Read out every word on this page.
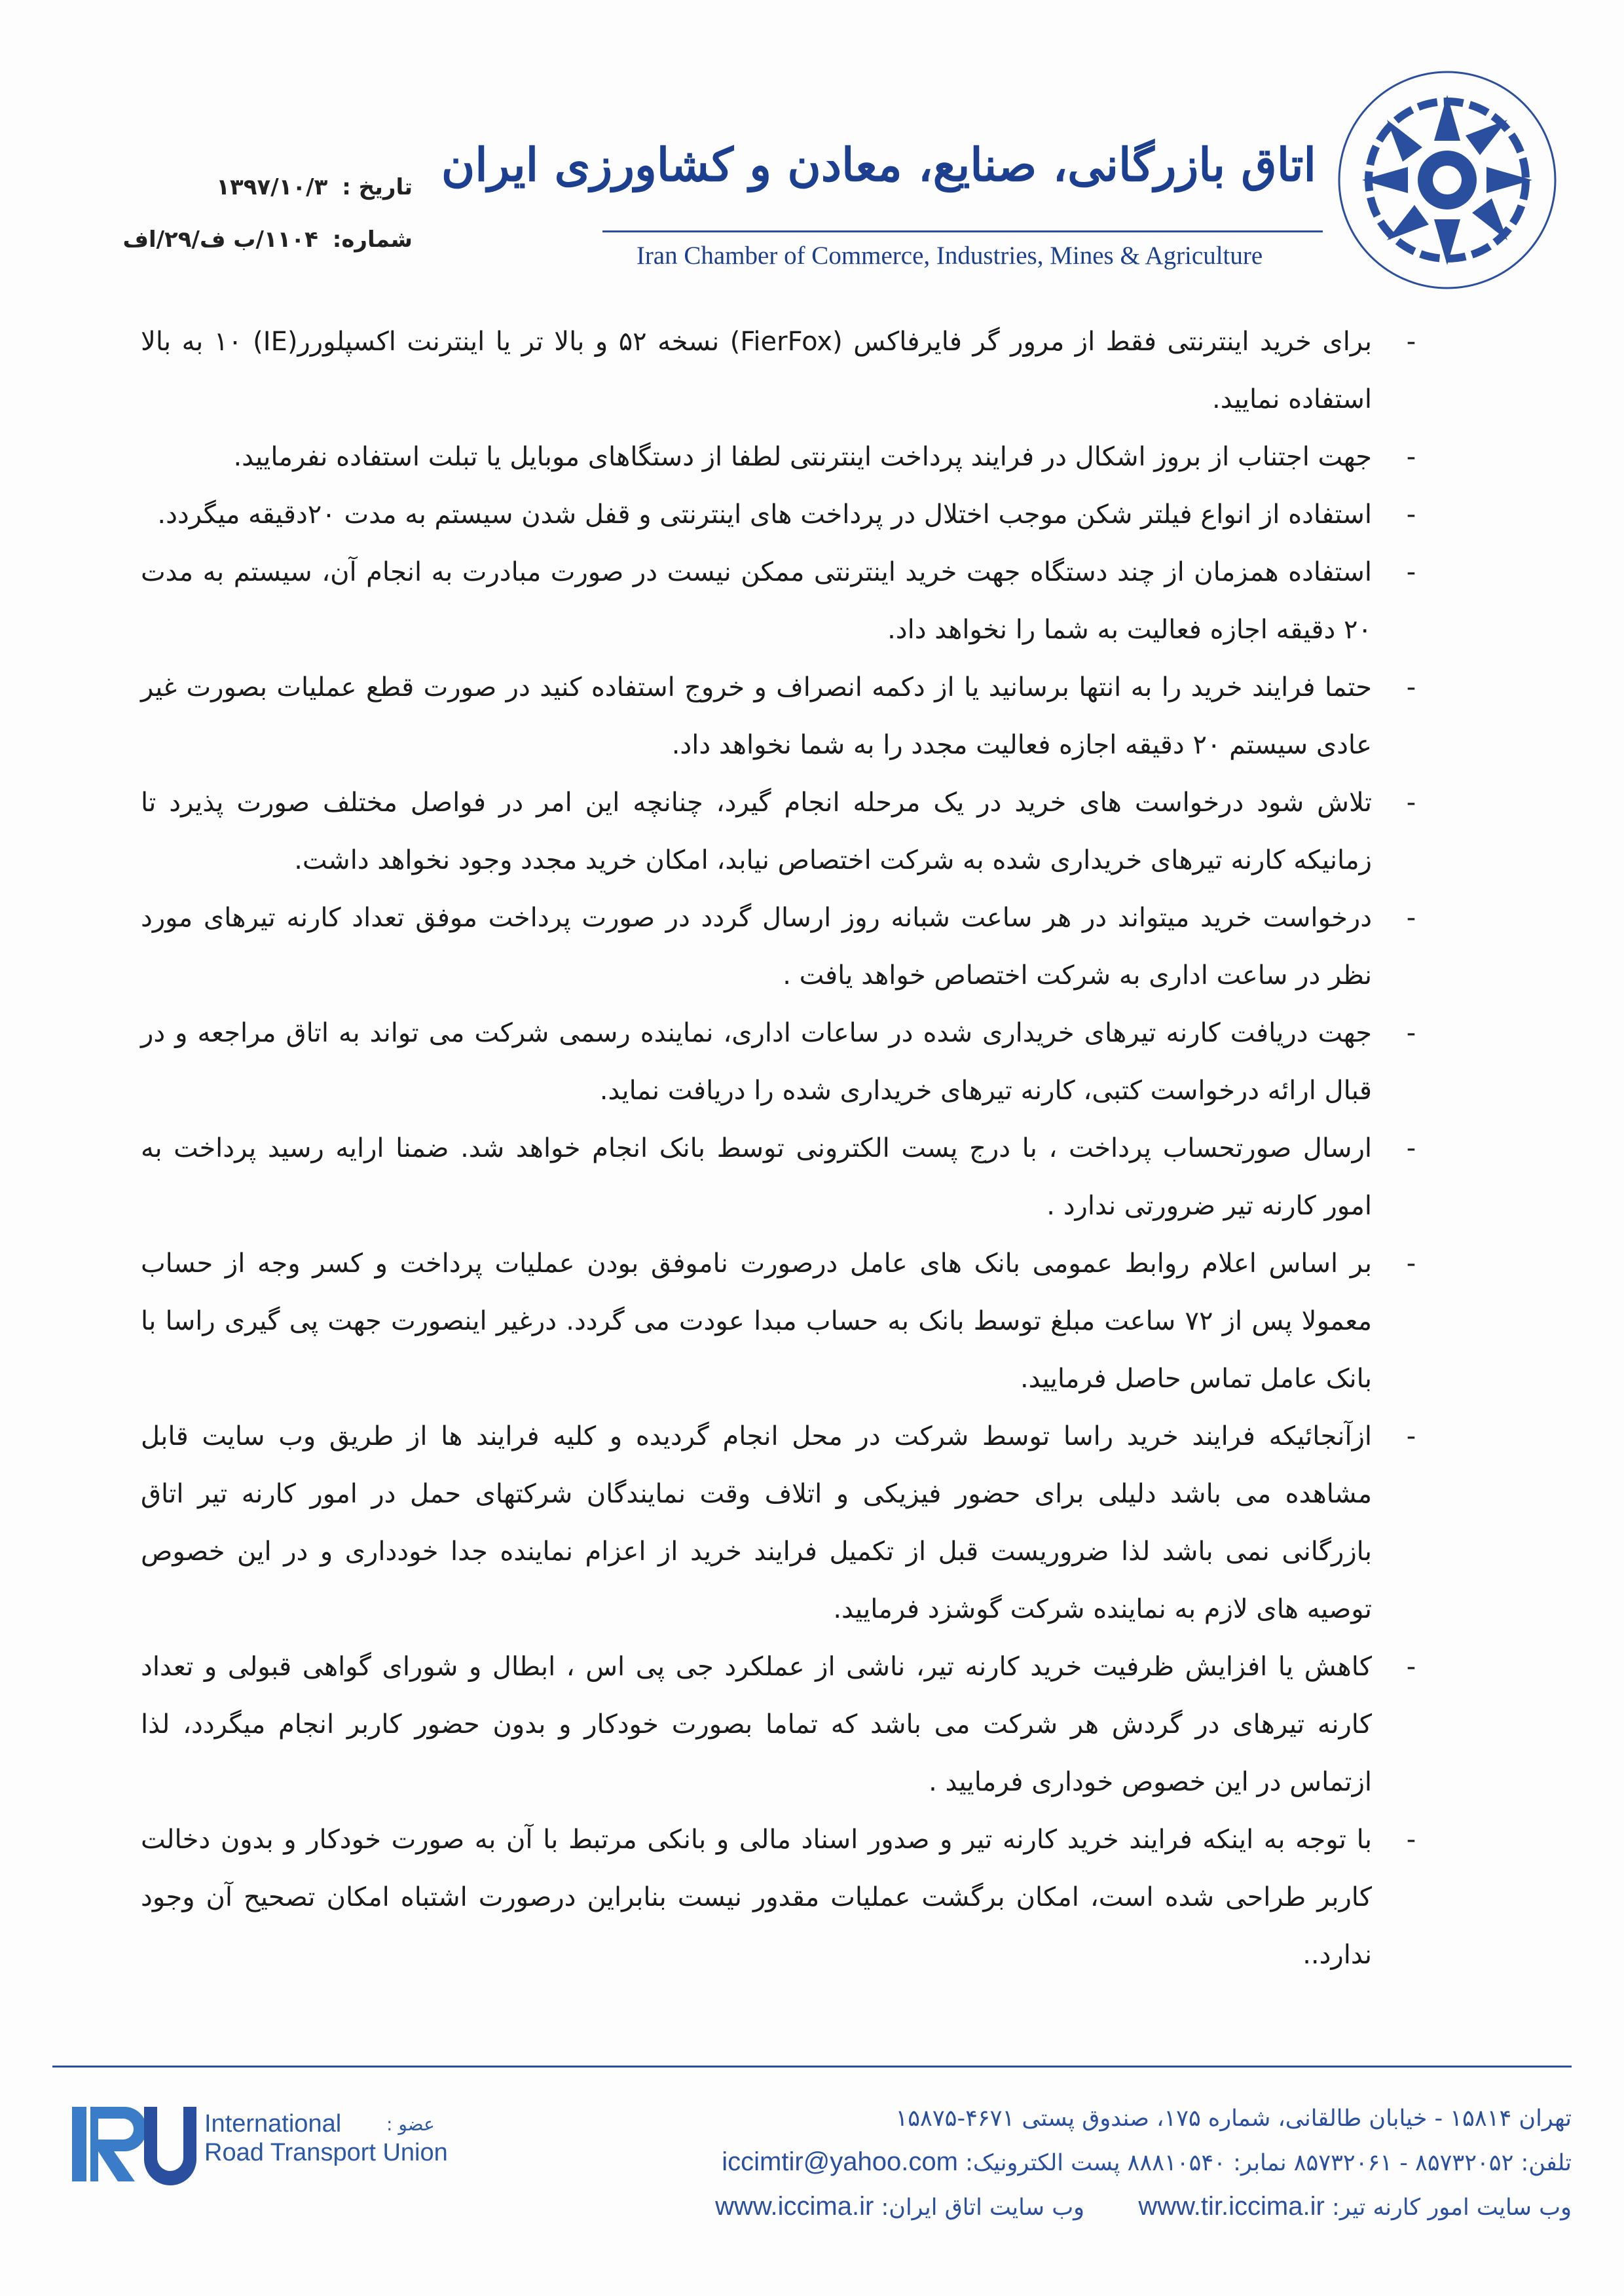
اتاق بازرگانی، صنایع، معادن و کشاورزی ایران
Iran Chamber of Commerce, Industries, Mines & Agriculture
تاریخ : ۱۳۹۷/۱۰/۳
شماره: ۱۱۰۴/ب ف/۲۹/اف
-
برای خرید اینترنتی فقط از مرور گر فایرفاکس (FierFox) نسخه ۵۲ و بالا تر یا اینترنت اکسپلورر(IE) ۱۰ به بالا استفاده نمایید.
-
جهت اجتناب از بروز اشکال در فرایند پرداخت اینترنتی لطفا از دستگاهای موبایل یا تبلت استفاده نفرمایید.
-
استفاده از انواع فیلتر شکن موجب اختلال در پرداخت های اینترنتی و قفل شدن سیستم به مدت ۲۰دقیقه میگردد.
-
استفاده همزمان از چند دستگاه جهت خرید اینترنتی ممکن نیست در صورت مبادرت به انجام آن، سیستم به مدت ۲۰ دقیقه اجازه فعالیت به شما را نخواهد داد.
-
حتما فرایند خرید را به انتها برسانید یا از دکمه انصراف و خروج استفاده کنید در صورت قطع عملیات بصورت غیر عادی سیستم ۲۰ دقیقه اجازه فعالیت مجدد را به شما نخواهد داد.
-
تلاش شود درخواست های خرید در یک مرحله انجام گیرد، چنانچه این امر در فواصل مختلف صورت پذیرد تا زمانیکه کارنه تیرهای خریداری شده به شرکت اختصاص نیابد، امکان خرید مجدد وجود نخواهد داشت.
-
درخواست خرید میتواند در هر ساعت شبانه روز ارسال گردد در صورت پرداخت موفق تعداد کارنه تیرهای مورد نظر در ساعت اداری به شرکت اختصاص خواهد یافت .
-
جهت دریافت کارنه تیرهای خریداری شده در ساعات اداری، نماینده رسمی شرکت می تواند به اتاق مراجعه و در قبال ارائه درخواست کتبی، کارنه تیرهای خریداری شده را دریافت نماید.
-
ارسال صورتحساب پرداخت ، با درج پست الکترونی توسط بانک انجام خواهد شد. ضمنا ارایه رسید پرداخت به امور کارنه تیر ضرورتی ندارد .
-
بر اساس اعلام روابط عمومی بانک های عامل درصورت ناموفق بودن عملیات پرداخت و کسر وجه از حساب معمولا پس از ۷۲ ساعت مبلغ توسط بانک به حساب مبدا عودت می گردد. درغیر اینصورت جهت پی گیری راسا با بانک عامل تماس حاصل فرمایید.
-
ازآنجائیکه فرایند خرید راسا توسط شرکت در محل انجام گردیده و کلیه فرایند ها از طریق وب سایت قابل مشاهده می باشد دلیلی برای حضور فیزیکی و اتلاف وقت نمایندگان شرکتهای حمل در امور کارنه تیر اتاق بازرگانی نمی باشد لذا ضروریست قبل از تکمیل فرایند خرید از اعزام نماینده جدا خودداری و در این خصوص توصیه های لازم به نماینده شرکت گوشزد فرمایید.
-
کاهش یا افزایش ظرفیت خرید کارنه تیر، ناشی از عملکرد جی پی اس ، ابطال و شورای گواهی قبولی و تعداد کارنه تیرهای در گردش هر شرکت می باشد که تماما بصورت خودکار و بدون حضور کاربر انجام میگردد، لذا ازتماس در این خصوص خوداری فرمایید .
-
با توجه به اینکه فرایند خرید کارنه تیر و صدور اسناد مالی و بانکی مرتبط با آن به صورت خودکار و بدون دخالت کاربر طراحی شده است، امکان برگشت عملیات مقدور نیست بنابراین درصورت اشتباه امکان تصحیح آن وجود ندارد..
International
Road Transport Union
عضو :	تهران ۱۵۸۱۴ - خیابان طالقانی، شماره ۱۷۵، صندوق پستی ۴۶۷۱-۱۵۸۷۵
تلفن: ۸۵۷۳۲۰۵۲ - ۸۵۷۳۲۰۶۱ نمابر: ۸۸۸۱۰۵۴۰ پست الکترونیک: iccimtir@yahoo.com
وب سایت امور کارنه تیر: www.tir.iccima.ir  وب سایت اتاق ایران: www.iccima.ir
